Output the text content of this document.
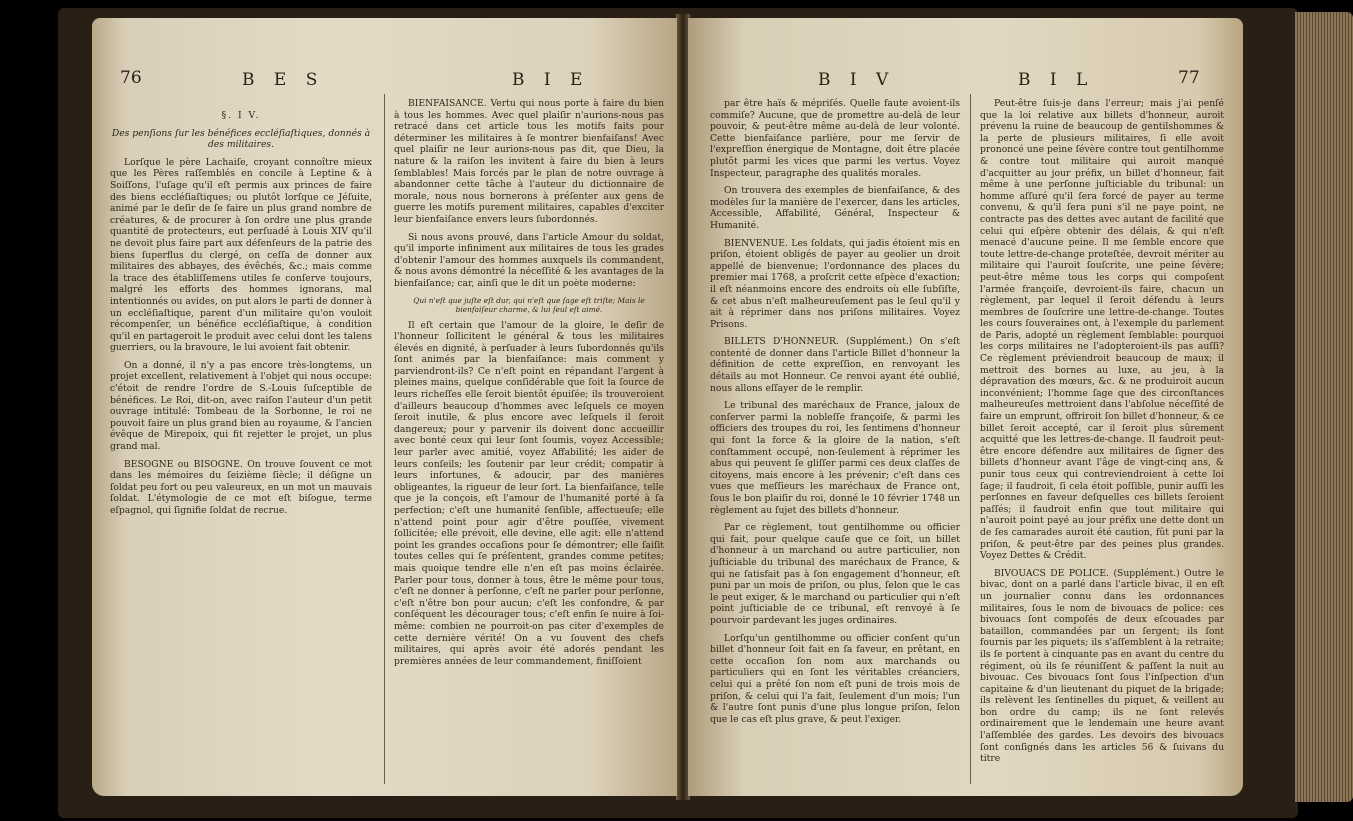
76	B E S	B I E

§. I V.

Des penſions ſur les bénéfices eccléſiaſtiques, donnés à des militaires.

Lorſque le père Lachaiſe, croyant connoître mieux que les Pères raſſemblés en concile à Leptine & à Soiſſons, l'uſage qu'il eſt permis aux princes de faire des biens eccléſiaſtiques; ou plutôt lorſque ce Jéſuite, animé par le deſir de ſe faire un plus grand nombre de créatures, & de procurer à ſon ordre une plus grande quantité de protecteurs, eut perſuadé à Louis XIV qu'il ne devoit plus faire part aux défenſeurs de la patrie des biens ſuperflus du clergé, on ceſſa de donner aux militaires des abbayes, des évêchés, &c.; mais comme la trace des établiſſemens utiles ſe conſerve toujours, malgré les efforts des hommes ignorans, mal intentionnés ou avides, on put alors le parti de donner à un eccléſiaſtique, parent d'un militaire qu'on vouloit récompenſer, un bénéfice eccléſiaſtique, à condition qu'il en partageroit le produit avec celui dont les talens guerriers, ou la bravoure, le lui avoient fait obtenir.

On a donné, il n'y a pas encore très-longtems, un projet excellent, relativement à l'objet qui nous occupe: c'étoit de rendre l'ordre de S.-Louis ſuſceptible de bénéfices. Le Roi, dit-on, avec raiſon l'auteur d'un petit ouvrage intitulé: Tombeau de la Sorbonne, le roi ne pouvoit faire un plus grand bien au royaume, & l'ancien évêque de Mirepoix, qui fit rejetter le projet, un plus grand mal.

BESOGNE ou BISOGNE. On trouve ſouvent ce mot dans les mémoires du ſeizième ſiècle; il déſigne un ſoldat peu fort ou peu valeureux, en un mot un mauvais ſoldat. L'étymologie de ce mot eſt biſogue, terme eſpagnol, qui ſignifie ſoldat de recrue.

BIENFAISANCE. Vertu qui nous porte à faire du bien à tous les hommes. Avec quel plaiſir n'aurions-nous pas retracé dans cet article tous les motifs faits pour déterminer les militaires à ſe montrer bienfaiſans! Avec quel plaiſir ne leur aurions-nous pas dit, que Dieu, la nature & la raiſon les invitent à faire du bien à leurs ſemblables! Mais forcés par le plan de notre ouvrage à abandonner cette tâche à l'auteur du dictionnaire de morale, nous nous bornerons à préſenter aux gens de guerre les motifs purement militaires, capables d'exciter leur bienfaiſance envers leurs ſubordonnés.

Si nous avons prouvé, dans l'article Amour du soldat, qu'il importe infiniment aux militaires de tous les grades d'obtenir l'amour des hommes auxquels ils commandent, & nous avons démontré la néceſſité & les avantages de la bienfaiſance; car, ainſi que le dit un poète moderne:

Qui n'eſt que juſte eſt dur, qui n'eſt que ſage eſt triſte; Mais le bienfaiſeur charme, & lui ſeul eſt aimé.

Il eſt certain que l'amour de la gloire, le deſir de l'honneur ſollicitent le général & tous les militaires élevés en dignité, à perſuader à leurs ſubordonnés qu'ils ſont animés par la bienfaiſance: mais comment y parviendront-ils? Ce n'eſt point en répandant l'argent à pleines mains, quelque conſidérable que ſoit la ſource de leurs richeſſes elle ſeroit bientôt épuiſée; ils trouveroient d'ailleurs beaucoup d'hommes avec leſquels ce moyen ſeroit inutile, & plus encore avec leſquels il ſeroit dangereux; pour y parvenir ils doivent donc accueillir avec bonté ceux qui leur ſont ſoumis, voyez Accessible; leur parler avec amitié, voyez Affabilité; les aider de leurs conſeils; les ſoutenir par leur crédit; compatir à leurs infortunes, & adoucir, par des manières obligeantes, la rigueur de leur ſort. La bienfaiſance, telle que je la conçois, eſt l'amour de l'humanité porté à ſa perfection; c'eſt une humanité ſenſible, affectueuſe; elle n'attend point pour agir d'être pouſſée, vivement ſollicitée; elle prévoit, elle devine, elle agit: elle n'attend point les grandes occaſions pour ſe démontrer; elle ſaiſit toutes celles qui ſe préſentent, grandes comme petites; mais quoique tendre elle n'en eſt pas moins éclairée. Parler pour tous, donner à tous, être le même pour tous, c'eſt ne donner à perſonne, c'eſt ne parler pour perſonne, c'eſt n'être bon pour aucun; c'eſt les confondre, & par conſéquent les décourager tous; c'eſt enfin ſe nuire à ſoi-même: combien ne pourroit-on pas citer d'exemples de cette dernière vérité! On a vu ſouvent des chefs militaires, qui après avoir été adorés pendant les premières années de leur commandement, finiſſoient

B I V	B I L	77

par être haïs & mépriſés. Quelle faute avoient-ils commiſe? Aucune, que de promettre au-delà de leur pouvoir, & peut-être même au-delà de leur volonté. Cette bienfaiſance parlière, pour me ſervir de l'expreſſion énergique de Montagne, doit être placée plutôt parmi les vices que parmi les vertus. Voyez Inspecteur, paragraphe des qualités morales.

On trouvera des exemples de bienfaiſance, & des modèles ſur la manière de l'exercer, dans les articles, Accessible, Affabilité, Général, Inspecteur & Humanité.

BIENVENUE. Les ſoldats, qui jadis étoient mis en priſon, étoient obligés de payer au geolier un droit appellé de bienvenue; l'ordonnance des places du premier mai 1768, a proſcrit cette eſpèce d'exaction; il eſt néanmoins encore des endroits où elle ſubſiſte, & cet abus n'eſt malheureuſement pas le ſeul qu'il y ait à réprimer dans nos priſons militaires. Voyez Prisons.

BILLETS D'HONNEUR. (Supplément.) On s'eſt contenté de donner dans l'article Billet d'honneur la définition de cette expreſſion, en renvoyant les détails au mot Honneur. Ce renvoi ayant été oublié, nous allons eſſayer de le remplir.

Le tribunal des maréchaux de France, jaloux de conſerver parmi la nobleſſe françoiſe, & parmi les officiers des troupes du roi, les ſentimens d'honneur qui font la force & la gloire de la nation, s'eſt conſtamment occupé, non-ſeulement à réprimer les abus qui peuvent ſe gliſſer parmi ces deux claſſes de citoyens, mais encore à les prévenir; c'eſt dans ces vues que meſſieurs les maréchaux de France ont, ſous le bon plaiſir du roi, donné le 10 février 1748 un règlement au ſujet des billets d'honneur.

Par ce règlement, tout gentilhomme ou officier qui fait, pour quelque cauſe que ce ſoit, un billet d'honneur à un marchand ou autre particulier, non juſticiable du tribunal des maréchaux de France, & qui ne ſatisfait pas à ſon engagement d'honneur, eſt puni par un mois de priſon, ou plus, ſelon que le cas le peut exiger, & le marchand ou particulier qui n'eſt point juſticiable de ce tribunal, eſt renvoyé à ſe pourvoir pardevant les juges ordinaires.

Lorſqu'un gentilhomme ou officier conſent qu'un billet d'honneur ſoit fait en ſa faveur, en prêtant, en cette occaſion ſon nom aux marchands ou particuliers qui en ſont les véritables créanciers, celui qui a prêté ſon nom eſt puni de trois mois de priſon, & celui qui l'a fait, ſeulement d'un mois; l'un & l'autre ſont punis d'une plus longue priſon, ſelon que le cas eſt plus grave, & peut l'exiger.

Peut-être ſuis-je dans l'erreur; mais j'ai penſé que la loi relative aux billets d'honneur, auroit prévenu la ruine de beaucoup de gentilshommes & la perte de plusieurs militaires, ſi elle avoit prononcé une peine ſévère contre tout gentilhomme & contre tout militaire qui auroit manqué d'acquitter au jour préfix, un billet d'honneur, fait même à une perſonne juſticiable du tribunal: un homme aſſuré qu'il ſera forcé de payer au terme convenu, & qu'il ſera puni s'il ne paye point, ne contracte pas des dettes avec autant de facilité que celui qui eſpère obtenir des délais, & qui n'eſt menacé d'aucune peine. Il me ſemble encore que toute lettre-de-change proteſtée, devroit mériter au militaire qui l'auroit ſouſcrite, une peine ſévère; peut-être même tous les corps qui compoſent l'armée françoiſe, devroient-ils faire, chacun un règlement, par lequel il ſeroit défendu à leurs membres de ſouſcrire une lettre-de-change. Toutes les cours ſouveraines ont, à l'exemple du parlement de Paris, adopté un règlement ſemblable: pourquoi les corps militaires ne l'adopteroient-ils pas auſſi? Ce règlement préviendroit beaucoup de maux; il mettroit des bornes au luxe, au jeu, à la dépravation des mœurs, &c. & ne produiroit aucun inconvénient; l'homme ſage que des circonſtances malheureuſes mettroient dans l'abſolue néceſſité de faire un emprunt, offriroit ſon billet d'honneur, & ce billet ſeroit accepté, car il ſeroit plus sûrement acquitté que les lettres-de-change. Il faudroit peut-être encore défendre aux militaires de ſigner des billets d'honneur avant l'âge de vingt-cinq ans, & punir tous ceux qui contreviendroient à cette loi ſage; il faudroit, ſi cela étoit poſſible, punir auſſi les perſonnes en faveur deſquelles ces billets ſeroient paſſés; il faudroit enfin que tout militaire qui n'auroit point payé au jour préfix une dette dont un de ſes camarades auroit été caution, fût puni par la priſon, & peut-être par des peines plus grandes. Voyez Dettes & Crédit.

BIVOUACS DE POLICE. (Supplément.) Outre le bivac, dont on a parlé dans l'article bivac, il en eſt un journalier connu dans les ordonnances militaires, ſous le nom de bivouacs de police: ces bivouacs ſont compoſés de deux eſcouades par bataillon, commandées par un ſergent; ils ſont fournis par les piquets; ils s'aſſemblent à la retraite; ils ſe portent à cinquante pas en avant du centre du régiment, où ils ſe réuniſſent & paſſent la nuit au bivouac. Ces bivouacs ſont ſous l'inſpection d'un capitaine & d'un lieutenant du piquet de la brigade; ils relèvent les ſentinelles du piquet, & veillent au bon ordre du camp; ils ne ſont relevés ordinairement que le lendemain une heure avant l'aſſemblée des gardes. Les devoirs des bivouacs ſont conſignés dans les articles 56 & ſuivans du titre
